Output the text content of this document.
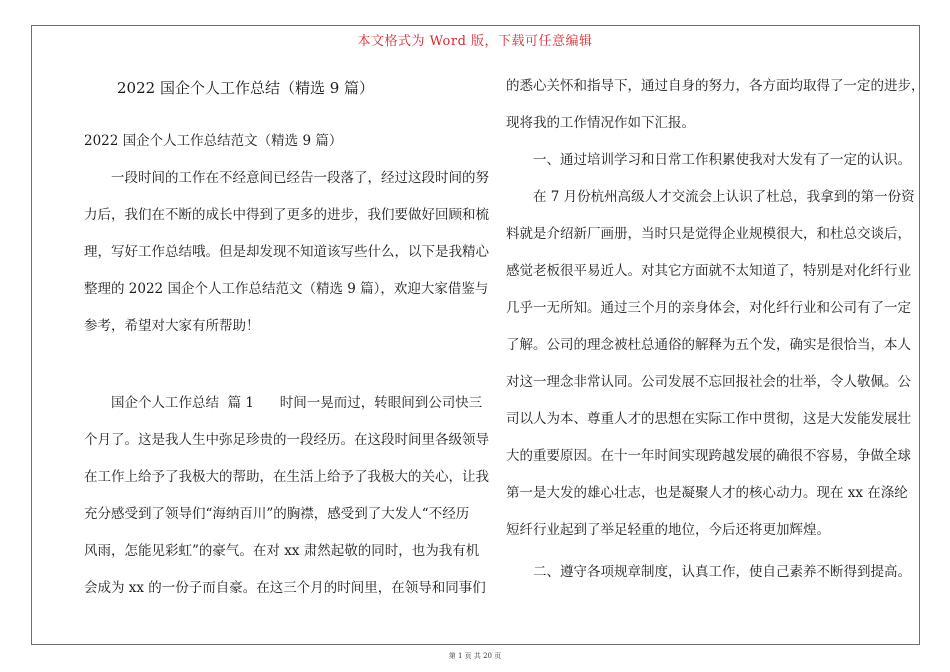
本文格式为 Word 版，下载可任意编辑
2022 国企个人工作总结（精选 9 篇）
2022 国企个人工作总结范文（精选 9 篇）
一段时间的工作在不经意间已经告一段落了，经过这段时间的努
力后，我们在不断的成长中得到了更多的进步，我们要做好回顾和梳
理，写好工作总结哦。但是却发现不知道该写些什么，以下是我精心
整理的 2022 国企个人工作总结范文（精选 9 篇），欢迎大家借鉴与
参考，希望对大家有所帮助！
国企个人工作总结  篇 1      时间一晃而过，转眼间到公司快三
个月了。这是我人生中弥足珍贵的一段经历。在这段时间里各级领导
在工作上给予了我极大的帮助，在生活上给予了我极大的关心，让我
充分感受到了领导们“海纳百川”的胸襟，感受到了大发人“不经历
风雨，怎能见彩虹”的豪气。在对 xx 肃然起敬的同时，也为我有机
会成为 xx 的一份子而自豪。在这三个月的时间里，在领导和同事们
的悉心关怀和指导下，通过自身的努力，各方面均取得了一定的进步，
现将我的工作情况作如下汇报。
一、通过培训学习和日常工作积累使我对大发有了一定的认识。
在 7 月份杭州高级人才交流会上认识了杜总，我拿到的第一份资
料就是介绍新厂画册，当时只是觉得企业规模很大，和杜总交谈后，
感觉老板很平易近人。对其它方面就不太知道了，特别是对化纤行业
几乎一无所知。通过三个月的亲身体会，对化纤行业和公司有了一定
了解。公司的理念被杜总通俗的解释为五个发，确实是很恰当，本人
对这一理念非常认同。公司发展不忘回报社会的壮举，令人敬佩。公
司以人为本、尊重人才的思想在实际工作中贯彻，这是大发能发展壮
大的重要原因。在十一年时间实现跨越发展的确很不容易，争做全球
第一是大发的雄心壮志，也是凝聚人才的核心动力。现在 xx 在涤纶
短纤行业起到了举足轻重的地位，今后还将更加辉煌。
二、遵守各项规章制度，认真工作，使自己素养不断得到提高。
第 1 页 共 20 页
